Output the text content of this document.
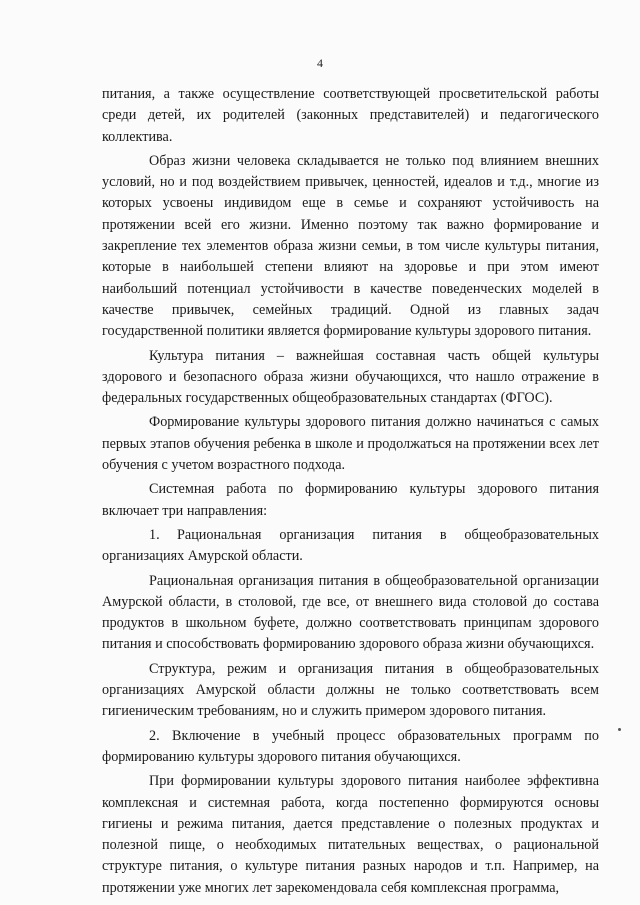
4

питания, а также осуществление соответствующей просветительской работы среди детей, их родителей (законных представителей) и педагогического коллектива.

Образ жизни человека складывается не только под влиянием внешних условий, но и под воздействием привычек, ценностей, идеалов и т.д., многие из которых усвоены индивидом еще в семье и сохраняют устойчивость на протяжении всей его жизни. Именно поэтому так важно формирование и закрепление тех элементов образа жизни семьи, в том числе культуры питания, которые в наибольшей степени влияют на здоровье и при этом имеют наибольший потенциал устойчивости в качестве поведенческих моделей в качестве привычек, семейных традиций. Одной из главных задач государственной политики является формирование культуры здорового питания.

Культура питания – важнейшая составная часть общей культуры здорового и безопасного образа жизни обучающихся, что нашло отражение в федеральных государственных общеобразовательных стандартах (ФГОС).

Формирование культуры здорового питания должно начинаться с самых первых этапов обучения ребенка в школе и продолжаться на протяжении всех лет обучения с учетом возрастного подхода.

Системная работа по формированию культуры здорового питания включает три направления:

1. Рациональная организация питания в общеобразовательных организациях Амурской области.

Рациональная организация питания в общеобразовательной организации Амурской области, в столовой, где все, от внешнего вида столовой до состава продуктов в школьном буфете, должно соответствовать принципам здорового питания и способствовать формированию здорового образа жизни обучающихся.

Структура, режим и организация питания в общеобразовательных организациях Амурской области должны не только соответствовать всем гигиеническим требованиям, но и служить примером здорового питания.

2. Включение в учебный процесс образовательных программ по формированию культуры здорового питания обучающихся.

При формировании культуры здорового питания наиболее эффективна комплексная и системная работа, когда постепенно формируются основы гигиены и режима питания, дается представление о полезных продуктах и полезной пище, о необходимых питательных веществах, о рациональной структуре питания, о культуре питания разных народов и т.п. Например, на протяжении уже многих лет зарекомендовала себя комплексная программа,
